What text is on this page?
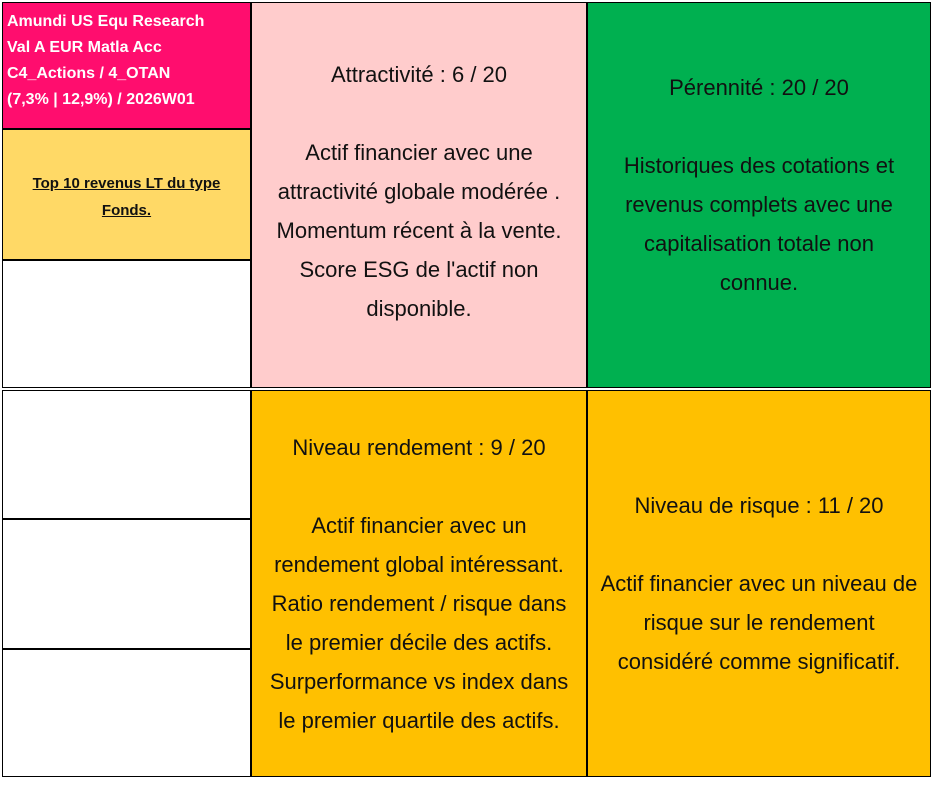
Amundi US Equ Research
Val A EUR Matla Acc
C4_Actions / 4_OTAN
(7,3% | 12,9%) / 2026W01
Top 10 revenus LT du type
Fonds.
Attractivité : 6 / 20
Actif financier avec une
attractivité globale modérée .
Momentum récent à la vente.
Score ESG de l'actif non
disponible.
Pérennité : 20 / 20
Historiques des cotations et
revenus complets avec une
capitalisation totale non
connue.
Niveau rendement : 9 / 20
Actif financier avec un
rendement global intéressant.
Ratio rendement / risque dans
le premier décile des actifs.
Surperformance vs index dans
le premier quartile des actifs.
Niveau de risque : 11 / 20
Actif financier avec un niveau de
risque sur le rendement
considéré comme significatif.
